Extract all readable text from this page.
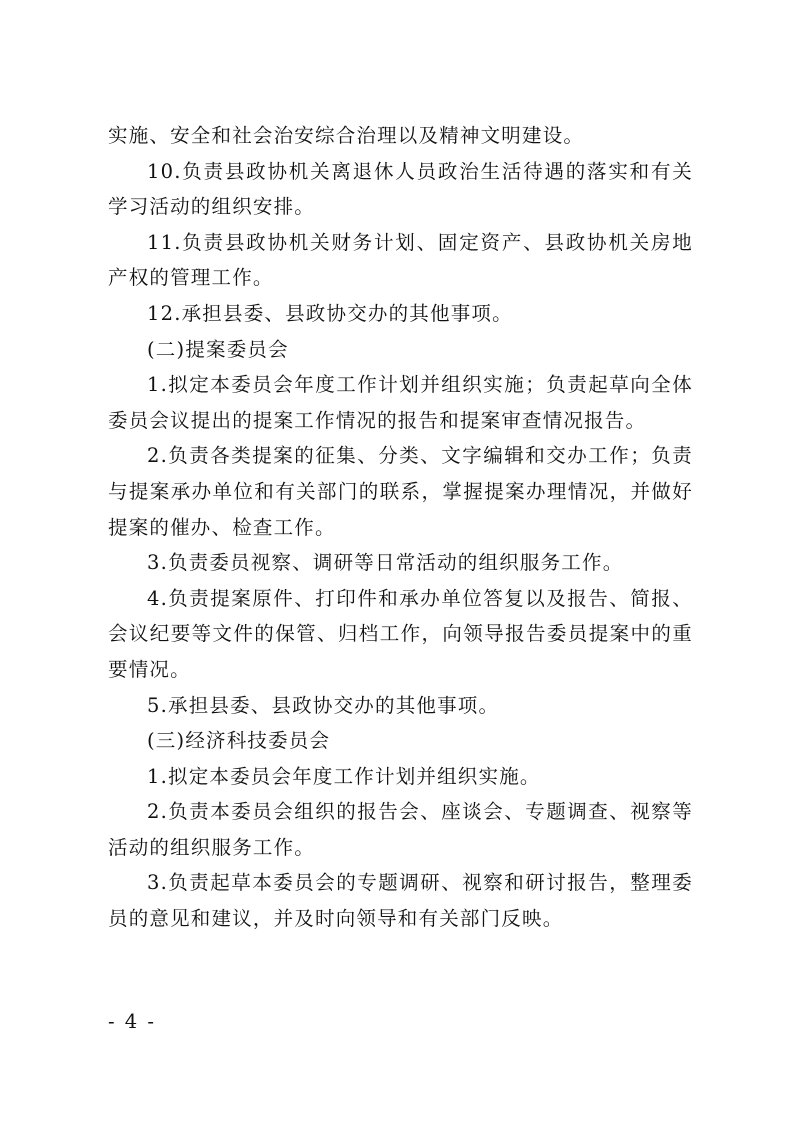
实施、安全和社会治安综合治理以及精神文明建设。

10.负责县政协机关离退休人员政治生活待遇的落实和有关学习活动的组织安排。

11.负责县政协机关财务计划、固定资产、县政协机关房地产权的管理工作。

12.承担县委、县政协交办的其他事项。

(二)提案委员会

1.拟定本委员会年度工作计划并组织实施；负责起草向全体委员会议提出的提案工作情况的报告和提案审查情况报告。

2.负责各类提案的征集、分类、文字编辑和交办工作；负责与提案承办单位和有关部门的联系，掌握提案办理情况，并做好提案的催办、检查工作。

3.负责委员视察、调研等日常活动的组织服务工作。

4.负责提案原件、打印件和承办单位答复以及报告、简报、会议纪要等文件的保管、归档工作，向领导报告委员提案中的重要情况。

5.承担县委、县政协交办的其他事项。

(三)经济科技委员会

1.拟定本委员会年度工作计划并组织实施。

2.负责本委员会组织的报告会、座谈会、专题调查、视察等活动的组织服务工作。

3.负责起草本委员会的专题调研、视察和研讨报告，整理委员的意见和建议，并及时向领导和有关部门反映。

- 4 -
